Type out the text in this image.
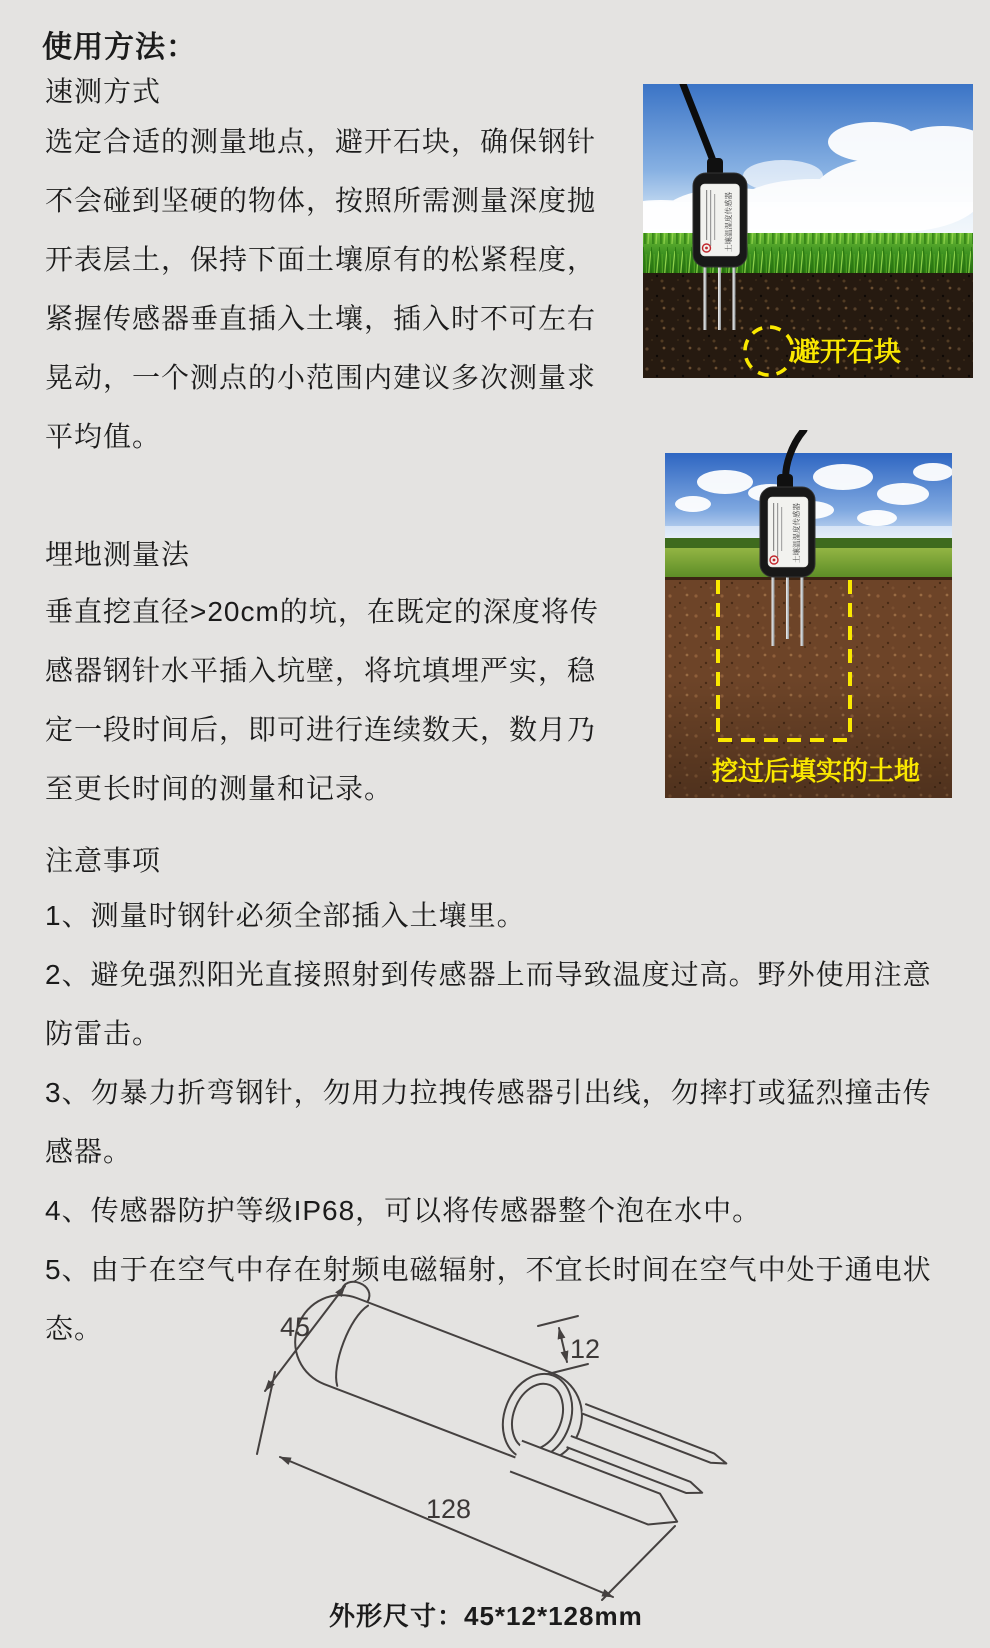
使用方法：
速测方式
选定合适的测量地点，避开石块，确保钢针
不会碰到坚硬的物体，按照所需测量深度抛
开表层土，保持下面土壤原有的松紧程度，
紧握传感器垂直插入土壤，插入时不可左右
晃动，一个测点的小范围内建议多次测量求
平均值。
埋地测量法
垂直挖直径>20cm的坑，在既定的深度将传
感器钢针水平插入坑壁，将坑填埋严实，稳
定一段时间后，即可进行连续数天，数月乃
至更长时间的测量和记录。
注意事项
1、测量时钢针必须全部插入土壤里。
2、避免强烈阳光直接照射到传感器上而导致温度过高。野外使用注意
防雷击。
3、勿暴力折弯钢针，勿用力拉拽传感器引出线，勿摔打或猛烈撞击传
感器。
4、传感器防护等级IP68，可以将传感器整个泡在水中。
5、由于在空气中存在射频电磁辐射，不宜长时间在空气中处于通电状
态。
土壤温湿度传感器
避开石块
土壤温湿度传感器
挖过后填实的土地
45
12
128
外形尺寸：45*12*128mm
